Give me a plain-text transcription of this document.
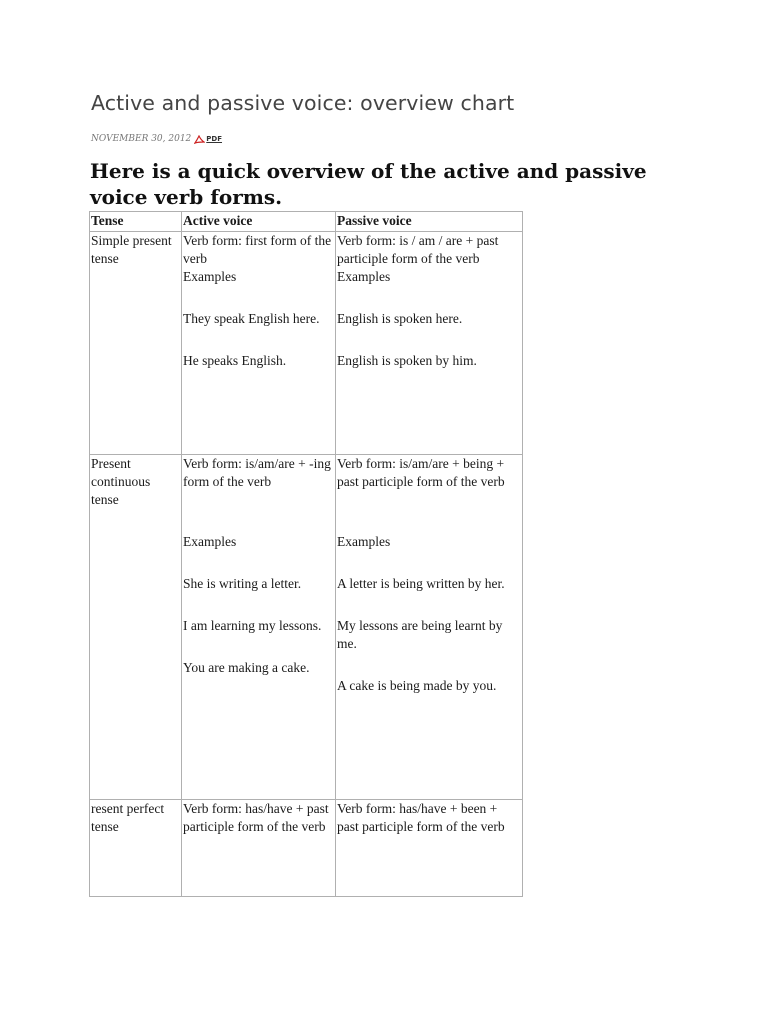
Active and passive voice: overview chart
NOVEMBER 30, 2012 PDF
Here is a quick overview of the active and passive voice verb forms.
Tense	Active voice	Passive voice
Simple present tense	Verb form: first form of the verb
Examples
They speak English here.
He speaks English.	Verb form: is / am / are + past participle form of the verb
Examples
English is spoken here.
English is spoken by him.

Present continuous tense	Verb form: is/am/are + -ing form of the verb
Examples
She is writing a letter.
I am learning my lessons.
You are making a cake.	Verb form: is/am/are + being + past participle form of the verb
Examples
A letter is being written by her.
My lessons are being learnt by me.
A cake is being made by you.

resent perfect tense	Verb form: has/have + past participle form of the verb	Verb form: has/have + been + past participle form of the verb
